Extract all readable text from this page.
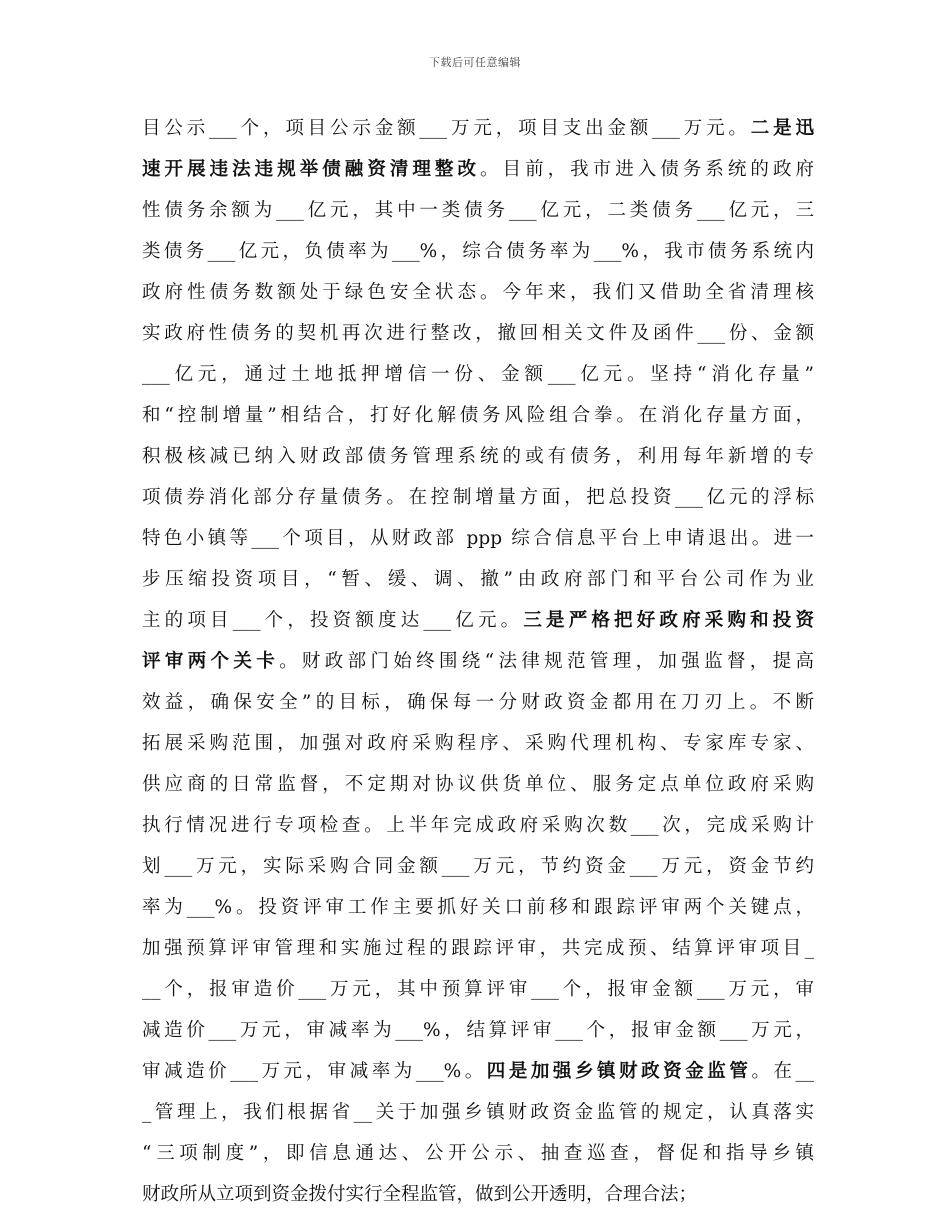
下载后可任意编辑
目公示___个，项目公示金额___万元，项目支出金额___万元。二是迅
速开展违法违规举债融资清理整改。目前，我市进入债务系统的政府
性债务余额为___亿元，其中一类债务___亿元，二类债务___亿元，三
类债务___亿元，负债率为___%，综合债务率为___%，我市债务系统内
政府性债务数额处于绿色安全状态。今年来，我们又借助全省清理核
实政府性债务的契机再次进行整改，撤回相关文件及函件___份、金额
___亿元，通过土地抵押增信一份、金额___亿元。坚持“消化存量”
和“控制增量”相结合，打好化解债务风险组合拳。在消化存量方面，
积极核减已纳入财政部债务管理系统的或有债务，利用每年新增的专
项债券消化部分存量债务。在控制增量方面，把总投资___亿元的浮标
特色小镇等___个项目，从财政部 ppp 综合信息平台上申请退出。进一
步压缩投资项目，“暂、缓、调、撤”由政府部门和平台公司作为业
主的项目___个，投资额度达___亿元。三是严格把好政府采购和投资
评审两个关卡。财政部门始终围绕“法律规范管理，加强监督，提高
效益，确保安全”的目标，确保每一分财政资金都用在刀刃上。不断
拓展采购范围，加强对政府采购程序、采购代理机构、专家库专家、
供应商的日常监督，不定期对协议供货单位、服务定点单位政府采购
执行情况进行专项检查。上半年完成政府采购次数___次，完成采购计
划___万元，实际采购合同金额___万元，节约资金___万元，资金节约
率为___%。投资评审工作主要抓好关口前移和跟踪评审两个关键点，
加强预算评审管理和实施过程的跟踪评审，共完成预、结算评审项目_
__个，报审造价___万元，其中预算评审___个，报审金额___万元，审
减造价___万元，审减率为___%，结算评审___个，报审金额___万元，
审减造价___万元，审减率为___%。四是加强乡镇财政资金监管。在__
_管理上，我们根据省__关于加强乡镇财政资金监管的规定，认真落实
“三项制度”，即信息通达、公开公示、抽查巡查，督促和指导乡镇
财政所从立项到资金拨付实行全程监管，做到公开透明，合理合法；
